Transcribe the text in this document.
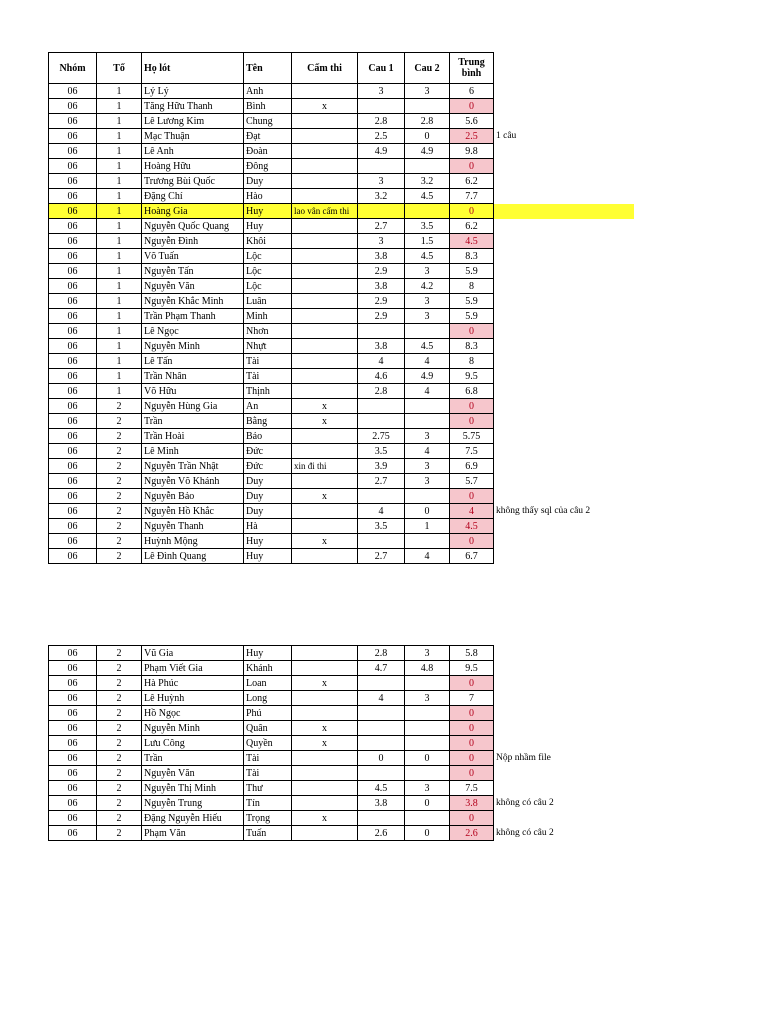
Nhóm	Tổ	Họ lót	Tên	Cấm thi	Cau 1	Cau 2	Trung bình	
06	1	Lý Lý	Anh		3	3	6	
06	1	Tăng Hữu Thanh	Bình	x			0	
06	1	Lê Lương Kim	Chung		2.8	2.8	5.6	
06	1	Mạc Thuận	Đạt		2.5	0	2.5	1 câu
06	1	Lê Anh	Đoàn		4.9	4.9	9.8	
06	1	Hoàng Hữu	Đông				0	
06	1	Trương Bùi Quốc	Duy		3	3.2	6.2	
06	1	Đặng Chí	Hào		3.2	4.5	7.7	
06	1	Hoàng Gia	Huy	lao vân cấm thi			0	
06	1	Nguyễn Quốc Quang	Huy		2.7	3.5	6.2	
06	1	Nguyễn Đình	Khôi		3	1.5	4.5	
06	1	Võ Tuấn	Lộc		3.8	4.5	8.3	
06	1	Nguyễn Tấn	Lộc		2.9	3	5.9	
06	1	Nguyễn Văn	Lộc		3.8	4.2	8	
06	1	Nguyễn Khắc Minh	Luân		2.9	3	5.9	
06	1	Trần Phạm Thanh	Minh		2.9	3	5.9	
06	1	Lê Ngọc	Nhơn				0	
06	1	Nguyễn Minh	Nhựt		3.8	4.5	8.3	
06	1	Lê Tấn	Tài		4	4	8	
06	1	Trần Nhân	Tài		4.6	4.9	9.5	
06	1	Võ Hữu	Thịnh		2.8	4	6.8	
06	2	Nguyễn Hùng Gia	An	x			0	
06	2	Trần	Bằng	x			0	
06	2	Trần Hoài	Bảo		2.75	3	5.75	
06	2	Lê Minh	Đức		3.5	4	7.5	
06	2	Nguyễn Trần Nhật	Đức	xin đi thi	3.9	3	6.9	
06	2	Nguyễn Võ Khánh	Duy		2.7	3	5.7	
06	2	Nguyễn Bảo	Duy	x			0	
06	2	Nguyễn Hồ Khắc	Duy		4	0	4	không thấy sql của câu 2
06	2	Nguyễn Thanh	Hà		3.5	1	4.5	
06	2	Huỳnh Mộng	Huy	x			0	
06	2	Lê Đình Quang	Huy		2.7	4	6.7	
06	2	Vũ Gia	Huy		2.8	3	5.8	
06	2	Phạm Viết Gia	Khánh		4.7	4.8	9.5	
06	2	Hà Phúc	Loan	x			0	
06	2	Lê Huỳnh	Long		4	3	7	
06	2	Hồ Ngọc	Phú				0	
06	2	Nguyễn Minh	Quân	x			0	
06	2	Lưu Công	Quyền	x			0	
06	2	Trần	Tài		0	0	0	Nộp nhầm file
06	2	Nguyễn Văn	Tài				0	
06	2	Nguyễn Thị Minh	Thư		4.5	3	7.5	
06	2	Nguyễn Trung	Tín		3.8	0	3.8	không có câu 2
06	2	Đặng Nguyễn Hiếu	Trọng	x			0	
06	2	Phạm Văn	Tuấn		2.6	0	2.6	không có câu 2
